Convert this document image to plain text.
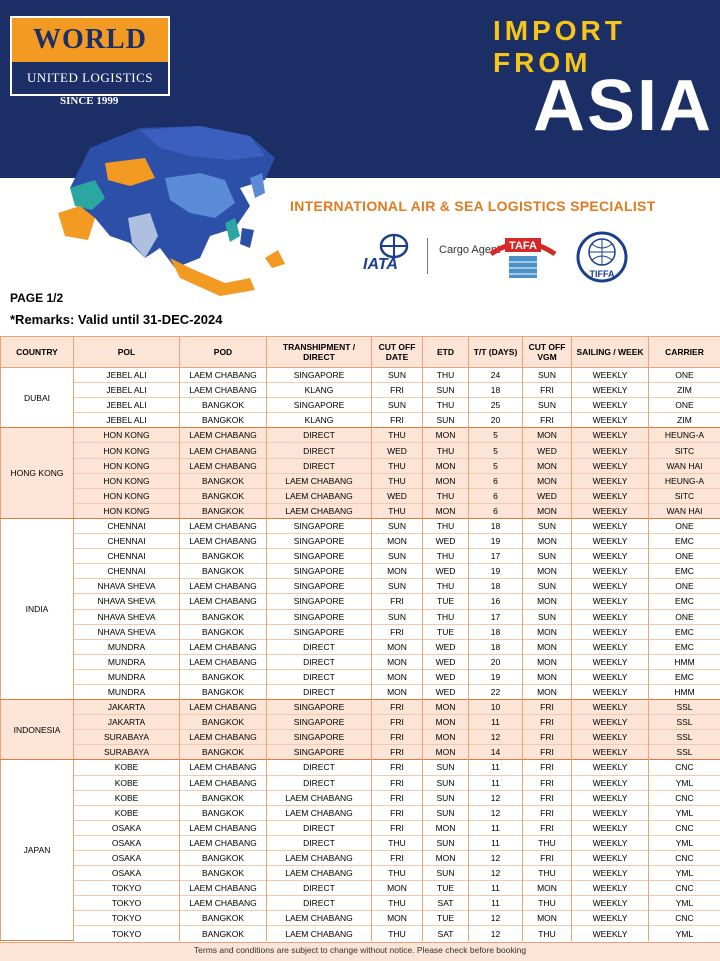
WORLD
UNITED LOGISTICS
SINCE 1999
IMPORT FROM
ASIA
INTERNATIONAL AIR & SEA LOGISTICS SPECIALIST
IATA
Cargo Agent TAFA
TIFFA
PAGE 1/2
*Remarks: Valid until 31-DEC-2024
COUNTRY	POL	POD	TRANSHIPMENT / DIRECT	CUT OFF DATE	ETD	T/T (DAYS)	CUT OFF VGM	SAILING / WEEK	CARRIER
DUBAI	JEBEL ALI	LAEM CHABANG	SINGAPORE	SUN	THU	24	SUN	WEEKLY	ONE
	JEBEL ALI	LAEM CHABANG	KLANG	FRI	SUN	18	FRI	WEEKLY	ZIM
	JEBEL ALI	BANGKOK	SINGAPORE	SUN	THU	25	SUN	WEEKLY	ONE
	JEBEL ALI	BANGKOK	KLANG	FRI	SUN	20	FRI	WEEKLY	ZIM
HONG KONG	HON KONG	LAEM CHABANG	DIRECT	THU	MON	5	MON	WEEKLY	HEUNG-A
	HON KONG	LAEM CHABANG	DIRECT	WED	THU	5	WED	WEEKLY	SITC
	HON KONG	LAEM CHABANG	DIRECT	THU	MON	5	MON	WEEKLY	WAN HAI
	HON KONG	BANGKOK	LAEM CHABANG	THU	MON	6	MON	WEEKLY	HEUNG-A
	HON KONG	BANGKOK	LAEM CHABANG	WED	THU	6	WED	WEEKLY	SITC
	HON KONG	BANGKOK	LAEM CHABANG	THU	MON	6	MON	WEEKLY	WAN HAI
INDIA	CHENNAI	LAEM CHABANG	SINGAPORE	SUN	THU	18	SUN	WEEKLY	ONE
	CHENNAI	LAEM CHABANG	SINGAPORE	MON	WED	19	MON	WEEKLY	EMC
	CHENNAI	BANGKOK	SINGAPORE	SUN	THU	17	SUN	WEEKLY	ONE
	CHENNAI	BANGKOK	SINGAPORE	MON	WED	19	MON	WEEKLY	EMC
	NHAVA SHEVA	LAEM CHABANG	SINGAPORE	SUN	THU	18	SUN	WEEKLY	ONE
	NHAVA SHEVA	LAEM CHABANG	SINGAPORE	FRI	TUE	16	MON	WEEKLY	EMC
	NHAVA SHEVA	BANGKOK	SINGAPORE	SUN	THU	17	SUN	WEEKLY	ONE
	NHAVA SHEVA	BANGKOK	SINGAPORE	FRI	TUE	18	MON	WEEKLY	EMC
	MUNDRA	LAEM CHABANG	DIRECT	MON	WED	18	MON	WEEKLY	EMC
	MUNDRA	LAEM CHABANG	DIRECT	MON	WED	20	MON	WEEKLY	HMM
	MUNDRA	BANGKOK	DIRECT	MON	WED	19	MON	WEEKLY	EMC
	MUNDRA	BANGKOK	DIRECT	MON	WED	22	MON	WEEKLY	HMM
INDONESIA	JAKARTA	LAEM CHABANG	SINGAPORE	FRI	MON	10	FRI	WEEKLY	SSL
	JAKARTA	BANGKOK	SINGAPORE	FRI	MON	11	FRI	WEEKLY	SSL
	SURABAYA	LAEM CHABANG	SINGAPORE	FRI	MON	12	FRI	WEEKLY	SSL
	SURABAYA	BANGKOK	SINGAPORE	FRI	MON	14	FRI	WEEKLY	SSL
JAPAN	KOBE	LAEM CHABANG	DIRECT	FRI	SUN	11	FRI	WEEKLY	CNC
	KOBE	LAEM CHABANG	DIRECT	FRI	SUN	11	FRI	WEEKLY	YML
	KOBE	BANGKOK	LAEM CHABANG	FRI	SUN	12	FRI	WEEKLY	CNC
	KOBE	BANGKOK	LAEM CHABANG	FRI	SUN	12	FRI	WEEKLY	YML
	OSAKA	LAEM CHABANG	DIRECT	FRI	MON	11	FRI	WEEKLY	CNC
	OSAKA	LAEM CHABANG	DIRECT	THU	SUN	11	THU	WEEKLY	YML
	OSAKA	BANGKOK	LAEM CHABANG	FRI	MON	12	FRI	WEEKLY	CNC
	OSAKA	BANGKOK	LAEM CHABANG	THU	SUN	12	THU	WEEKLY	YML
	TOKYO	LAEM CHABANG	DIRECT	MON	TUE	11	MON	WEEKLY	CNC
	TOKYO	LAEM CHABANG	DIRECT	THU	SAT	11	THU	WEEKLY	YML
	TOKYO	BANGKOK	LAEM CHABANG	MON	TUE	12	MON	WEEKLY	CNC
	TOKYO	BANGKOK	LAEM CHABANG	THU	SAT	12	THU	WEEKLY	YML
Terms and conditions are subject to change without notice. Please check before booking
